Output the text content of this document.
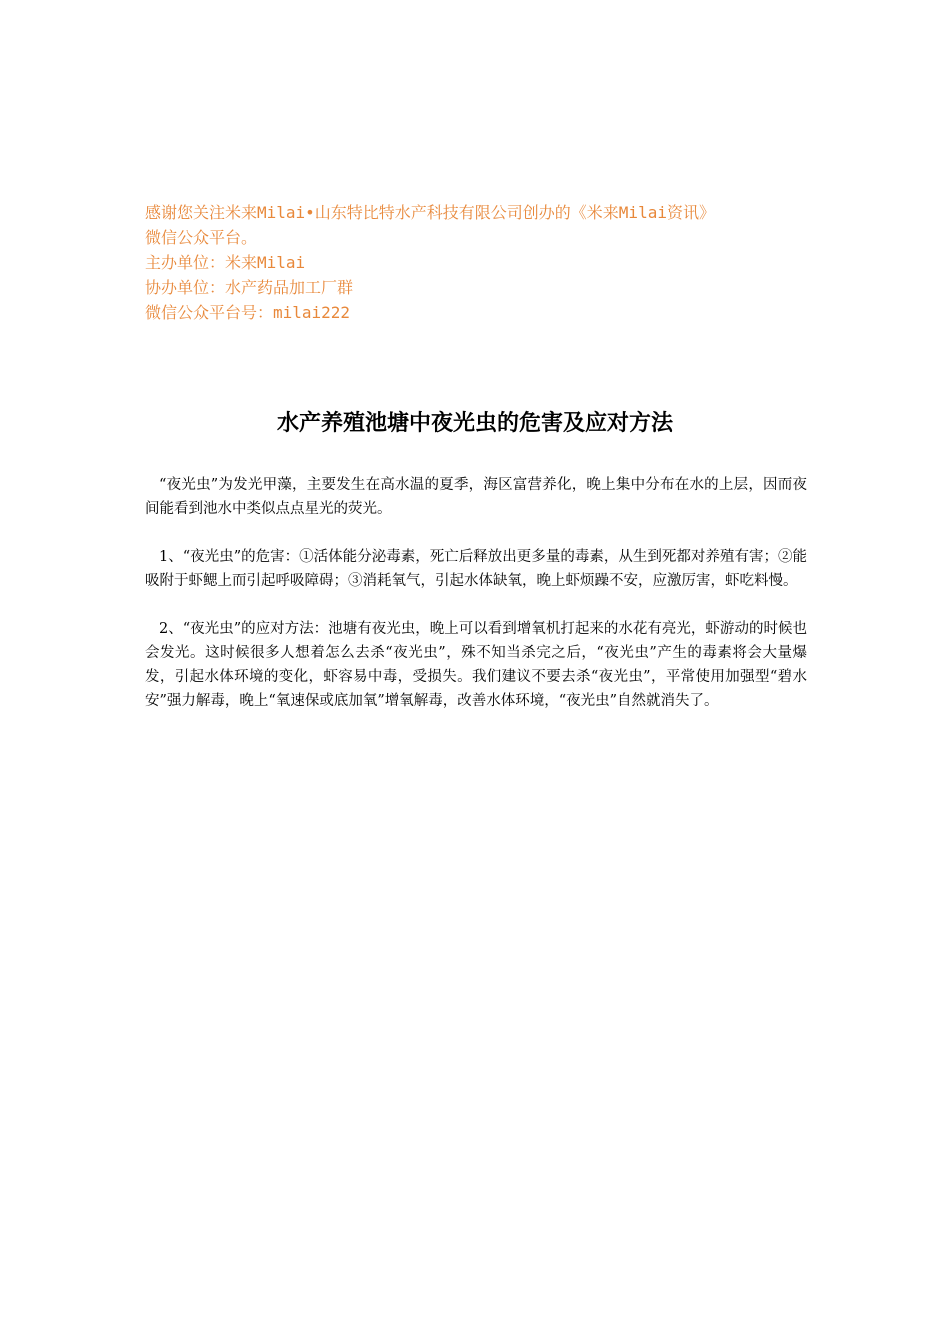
感谢您关注米来Milai•山东特比特水产科技有限公司创办的《米来Milai资讯》

微信公众平台。

主办单位：米来Milai

协办单位：水产药品加工厂群

微信公众平台号：milai222

水产养殖池塘中夜光虫的危害及应对方法

“夜光虫”为发光甲藻，主要发生在高水温的夏季，海区富营养化，晚上集中分布在水的上层，因而夜间能看到池水中类似点点星光的荧光。

1、“夜光虫”的危害：①活体能分泌毒素，死亡后释放出更多量的毒素，从生到死都对养殖有害；②能吸附于虾鳃上而引起呼吸障碍；③消耗氧气，引起水体缺氧，晚上虾烦躁不安，应激厉害，虾吃料慢。

2、“夜光虫”的应对方法：池塘有夜光虫，晚上可以看到增氧机打起来的水花有亮光，虾游动的时候也会发光。这时候很多人想着怎么去杀“夜光虫”，殊不知当杀完之后，“夜光虫”产生的毒素将会大量爆发，引起水体环境的变化，虾容易中毒，受损失。我们建议不要去杀“夜光虫”，平常使用加强型“碧水安”强力解毒，晚上“氧速保或底加氧”增氧解毒，改善水体环境，“夜光虫”自然就消失了。
